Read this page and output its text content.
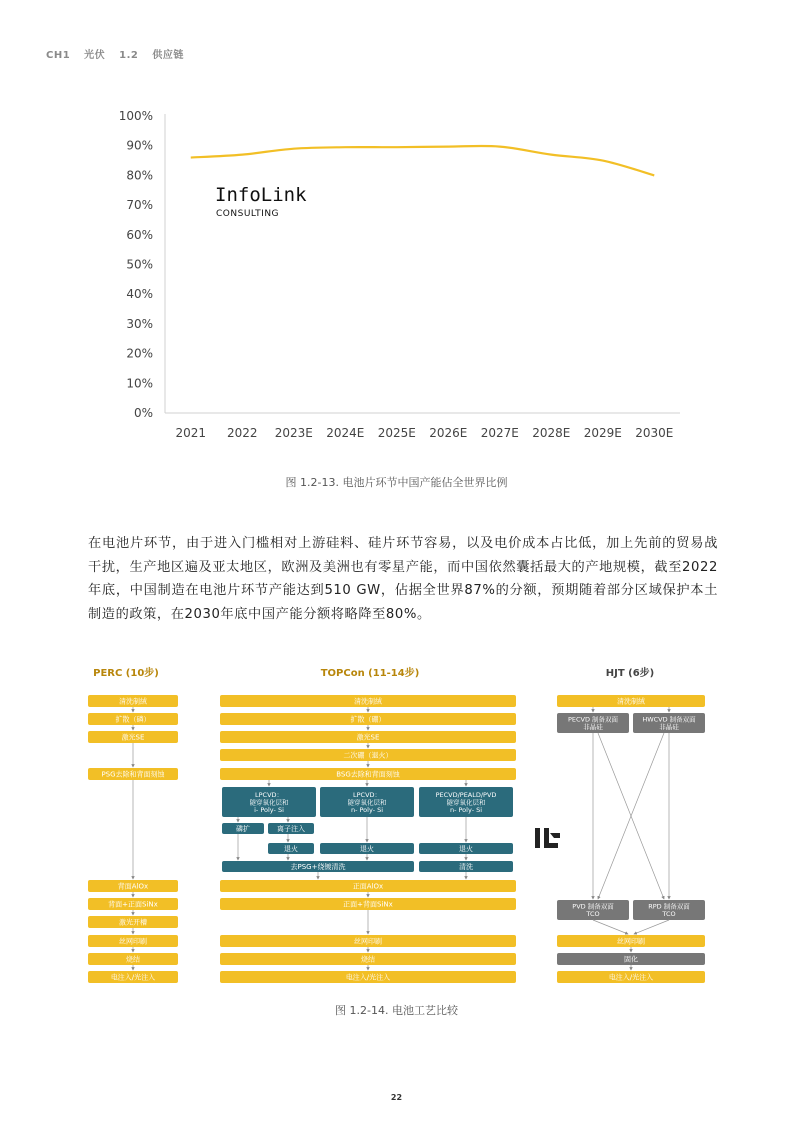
CH1 光伏 1.2 供应链
0%
10%
20%
30%
40%
50%
60%
70%
80%
90%
100%
2021 2022 2023E 2024E 2025E 2026E 2027E 2028E 2029E 2030E
InfoLink
CONSULTING
图 1.2-13. 电池片环节中国产能佔全世界比例

在电池片环节，由于进入门槛相对上游硅料、硅片环节容易，以及电价成本占比低，加上先前的贸易战干扰，生产地区遍及亚太地区，欧洲及美洲也有零星产能，而中国依然囊括最大的产地规模，截至2022年底，中国制造在电池片环节产能达到510 GW，佔据全世界87%的分额，预期随着部分区域保护本土制造的政策，在2030年底中国产能分额将略降至80%。

PERC (10步)	TOPCon (11-14步)	HJT (6步)
清洗制絨
扩散（磷）
激光SE
PSG去除和背面刻蚀
背面AlOx
背面+正面SiNx
激光开槽
丝网印刷
烧结
电注入/光注入
清洗制絨
扩散（硼）
激光SE
二次硼（退火）
BSG去除和背面刻蚀
LPCVD：
隧穿氧化层和
i- Poly- Si
LPCVD：
隧穿氧化层和
n- Poly- Si
PECVD/PEALD/PVD
隧穿氧化层和
n- Poly- Si
磷扩	离子注入
退火	退火	退火
去PSG+绕镀清洗	清洗
正面AlOx
正面+背面SiNx
丝网印刷
烧结
电注入/光注入
清洗制絨
PECVD 制备双面
非晶硅
HWCVD 制备双面
非晶硅
PVD 制备双面
TCO
RPD 制备双面
TCO
丝网印刷
固化
电注入/光注入
图 1.2-14. 电池工艺比较
22
